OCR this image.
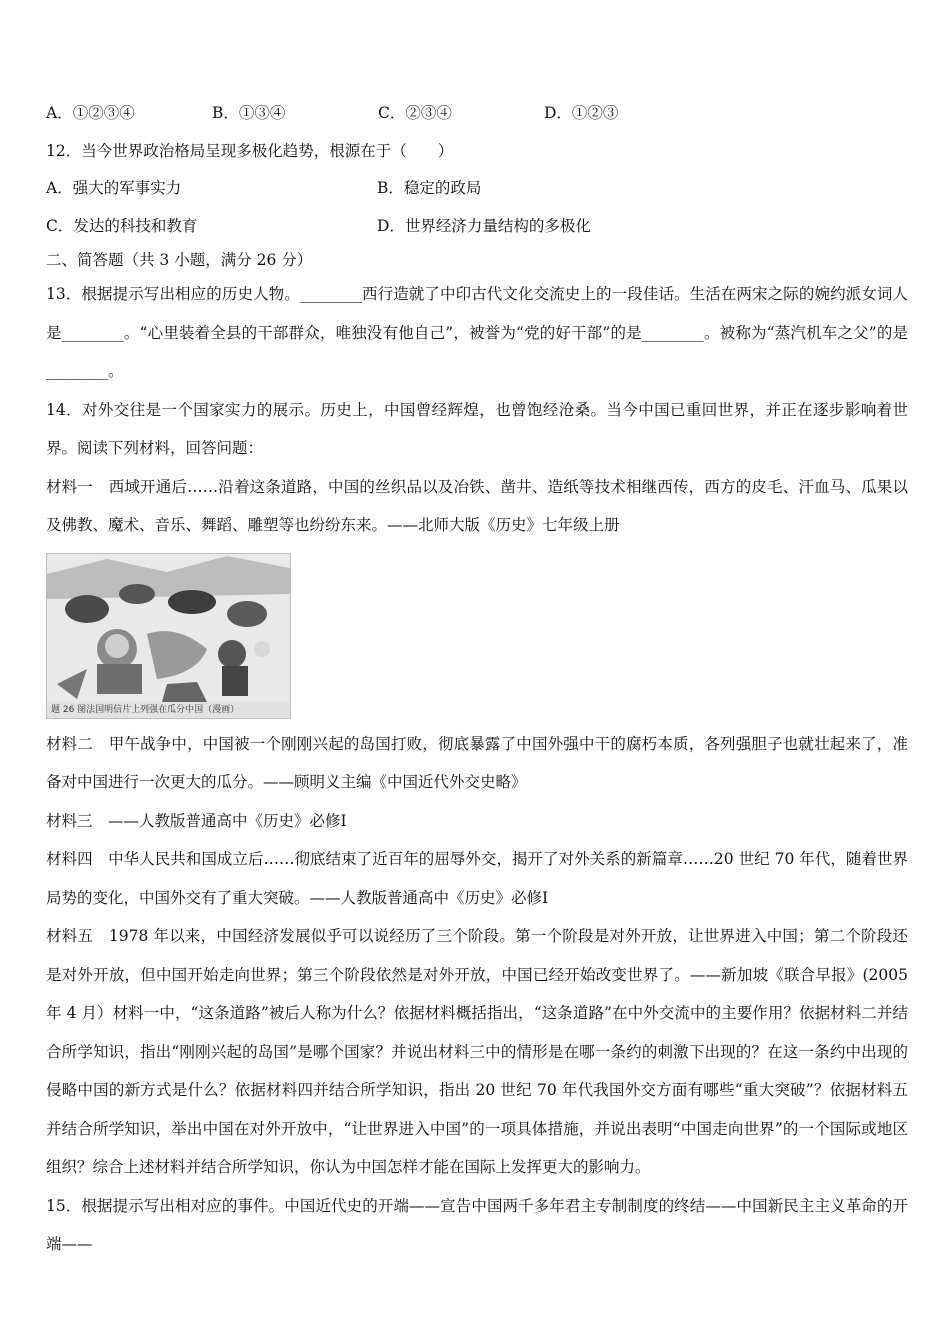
A．①②③④	B．①③④	C．②③④	D．①②③
12．当今世界政治格局呈现多极化趋势，根源在于（　　）
A．强大的军事实力	B．稳定的政局
C．发达的科技和教育	D．世界经济力量结构的多极化
二、简答题（共 3 小题，满分 26 分）

13．根据提示写出相应的历史人物。________西行造就了中印古代文化交流史上的一段佳话。生活在两宋之际的婉约派女词人是________。“心里装着全县的干部群众，唯独没有他自己”，被誉为“党的好干部”的是________。被称为“蒸汽机车之父”的是________。

14．对外交往是一个国家实力的展示。历史上，中国曾经辉煌，也曾饱经沧桑。当今中国已重回世界，并正在逐步影响着世界。阅读下列材料，回答问题：

材料一　西域开通后……沿着这条道路，中国的丝织品以及冶铁、凿井、造纸等技术相继西传，西方的皮毛、汗血马、瓜果以及佛教、魔术、音乐、舞蹈、雕塑等也纷纷东来。——北师大版《历史》七年级上册

题 26 图法国明信片上列强在瓜分中国（漫画）

材料二　甲午战争中，中国被一个刚刚兴起的岛国打败，彻底暴露了中国外强中干的腐朽本质，各列强胆子也就壮起来了，准备对中国进行一次更大的瓜分。——顾明义主编《中国近代外交史略》

材料三　——人教版普通高中《历史》必修Ⅰ

材料四　中华人民共和国成立后……彻底结束了近百年的屈辱外交，揭开了对外关系的新篇章……20 世纪 70 年代，随着世界局势的变化，中国外交有了重大突破。——人教版普通高中《历史》必修Ⅰ

材料五　1978 年以来，中国经济发展似乎可以说经历了三个阶段。第一个阶段是对外开放，让世界进入中国；第二个阶段还是对外开放，但中国开始走向世界；第三个阶段依然是对外开放，中国已经开始改变世界了。——新加坡《联合早报》(2005 年 4 月）材料一中，“这条道路”被后人称为什么？依据材料概括指出，“这条道路”在中外交流中的主要作用？依据材料二并结合所学知识，指出“刚刚兴起的岛国”是哪个国家？并说出材料三中的情形是在哪一条约的刺激下出现的？在这一条约中出现的侵略中国的新方式是什么？依据材料四并结合所学知识，指出 20 世纪 70 年代我国外交方面有哪些“重大突破”？依据材料五并结合所学知识，举出中国在对外开放中，“让世界进入中国”的一项具体措施，并说出表明“中国走向世界”的一个国际或地区组织？综合上述材料并结合所学知识，你认为中国怎样才能在国际上发挥更大的影响力。

15．根据提示写出相对应的事件。中国近代史的开端——宣告中国两千多年君主专制制度的终结——中国新民主主义革命的开端——
